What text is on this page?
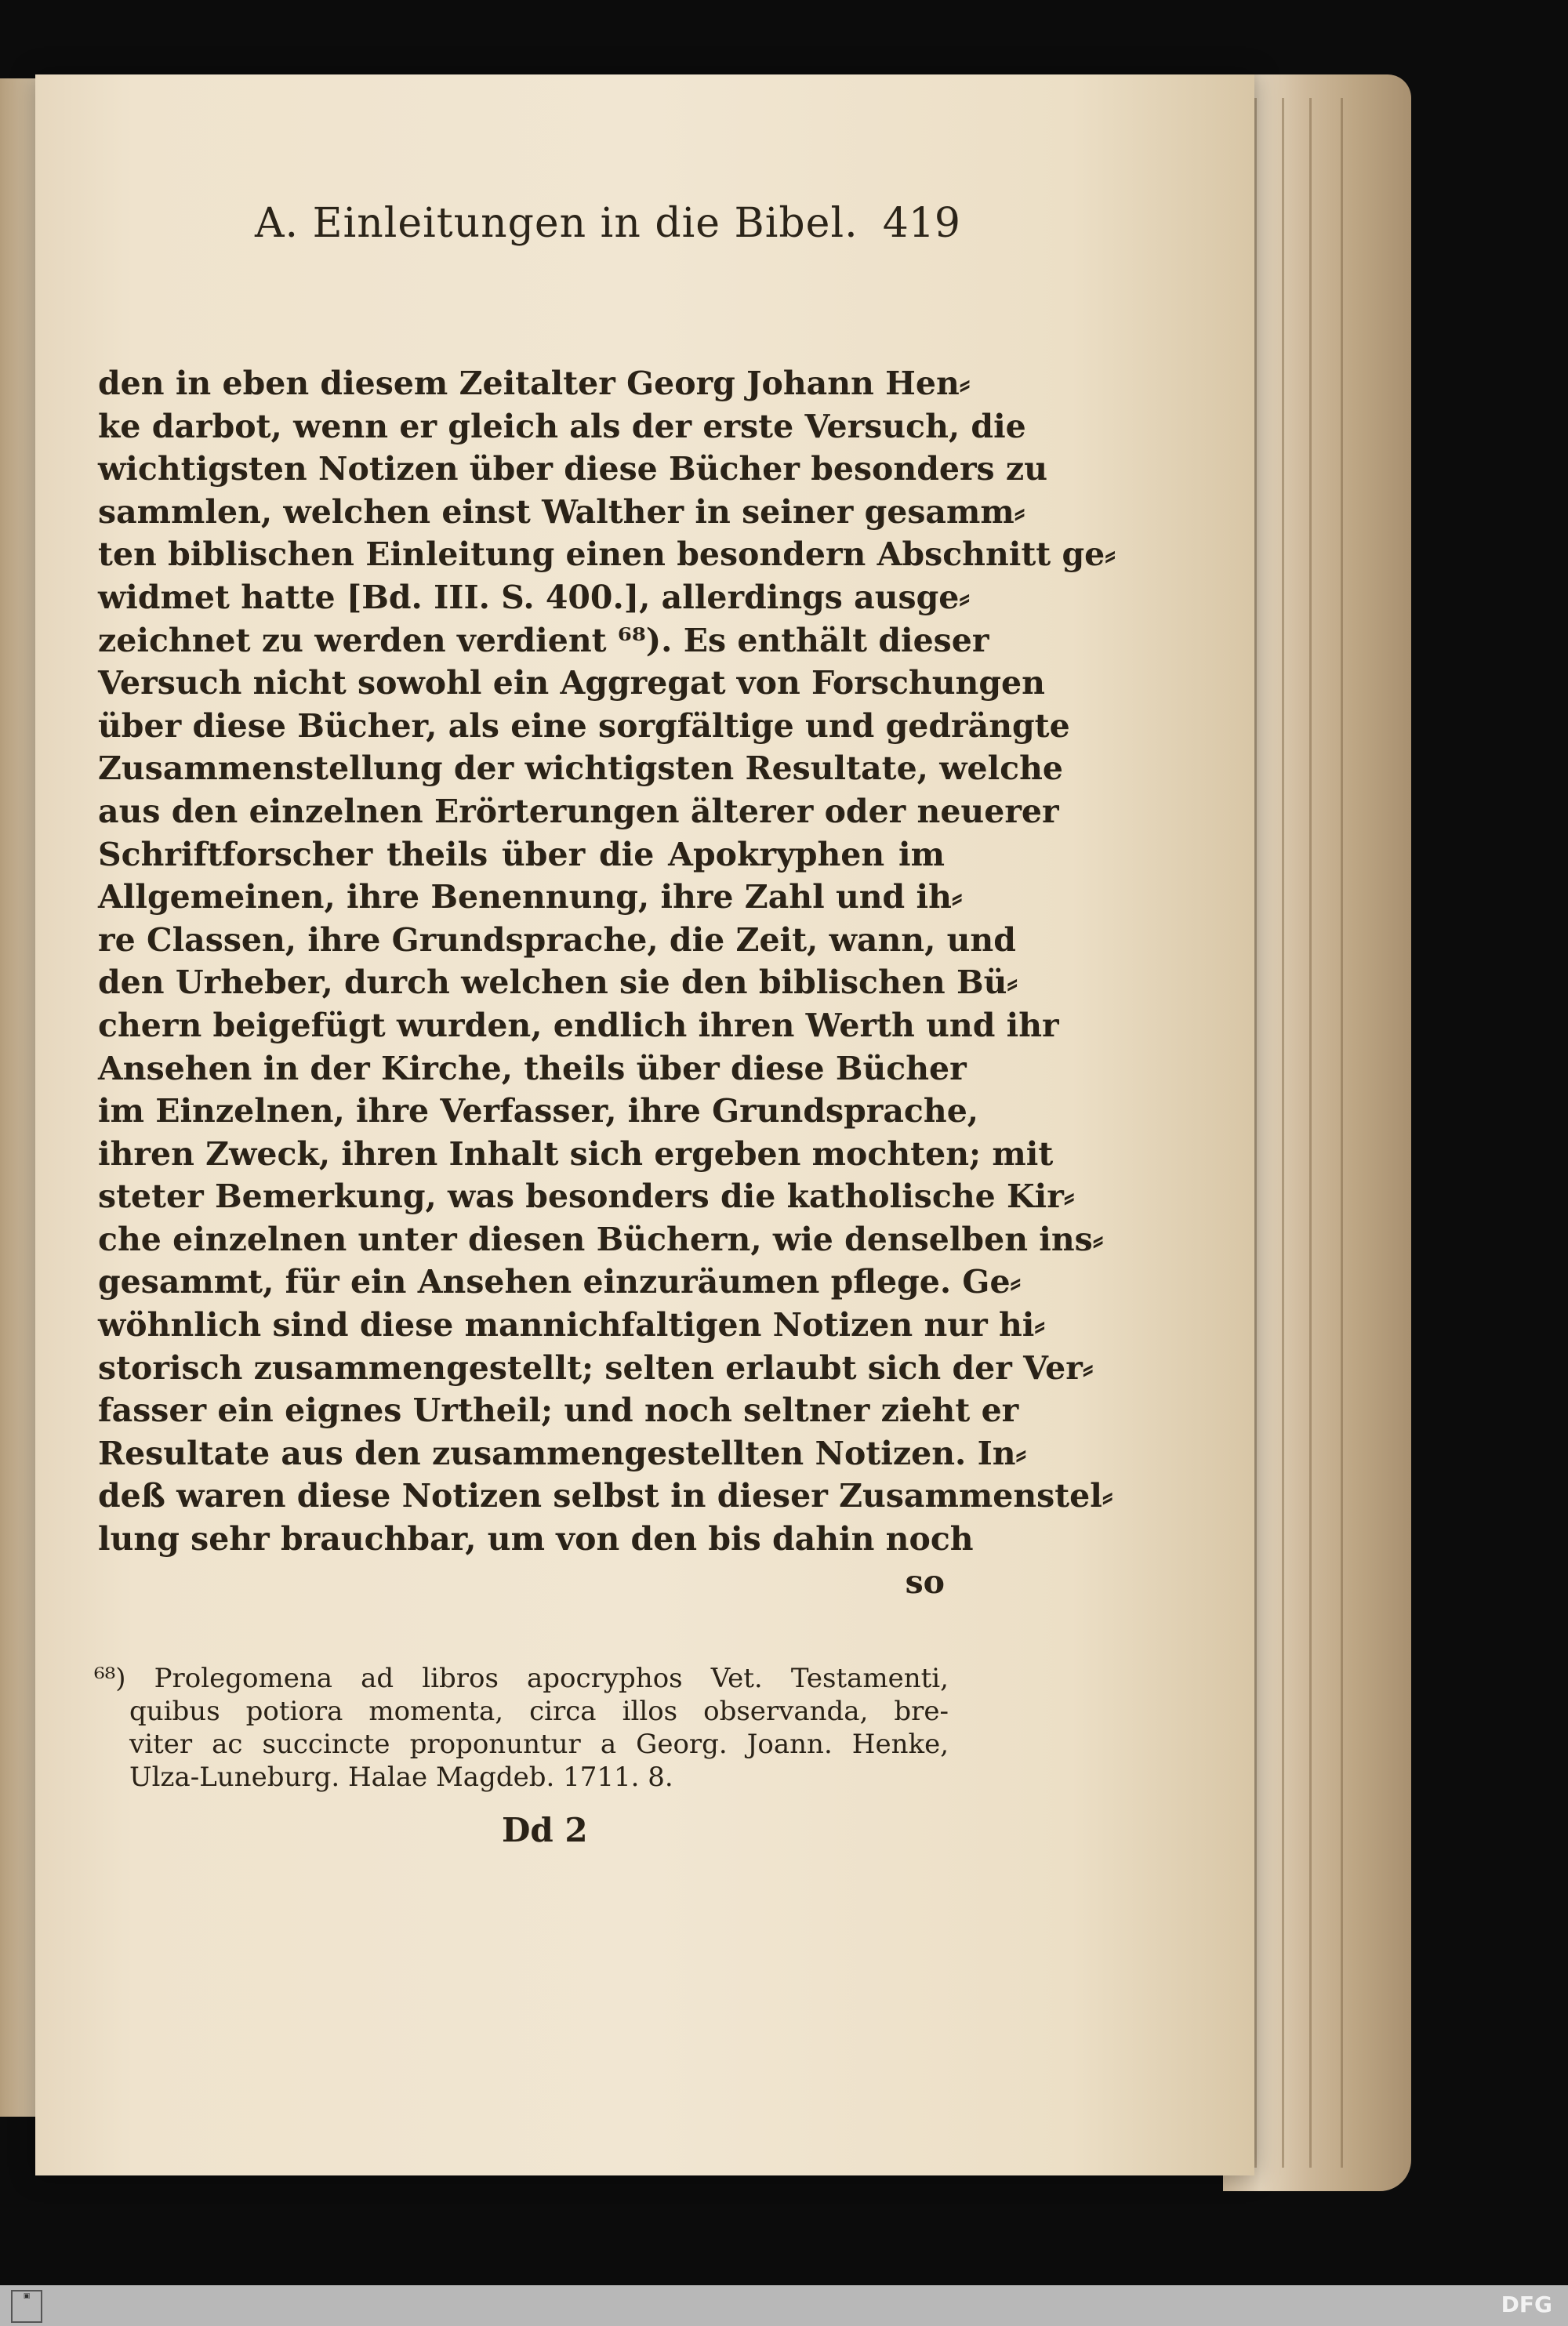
A. Einleitungen in die Bibel. 419
den in eben diesem Zeitalter Georg Johann Hen⸗
ke darbot, wenn er gleich als der erste Versuch, die
wichtigsten Notizen über diese Bücher besonders zu
sammlen, welchen einst Walther in seiner gesamm⸗
ten biblischen Einleitung einen besondern Abschnitt ge⸗
widmet hatte [Bd. III. S. 400.], allerdings ausge⸗
zeichnet zu werden verdient ⁶⁸). Es enthält dieser
Versuch nicht sowohl ein Aggregat von Forschungen
über diese Bücher, als eine sorgfältige und gedrängte
Zusammenstellung der wichtigsten Resultate, welche
aus den einzelnen Erörterungen älterer oder neuerer
Schriftforscher theils über die Apokryphen im
Allgemeinen, ihre Benennung, ihre Zahl und ih⸗
re Classen, ihre Grundsprache, die Zeit, wann, und
den Urheber, durch welchen sie den biblischen Bü⸗
chern beigefügt wurden, endlich ihren Werth und ihr
Ansehen in der Kirche, theils über diese Bücher
im Einzelnen, ihre Verfasser, ihre Grundsprache,
ihren Zweck, ihren Inhalt sich ergeben mochten; mit
steter Bemerkung, was besonders die katholische Kir⸗
che einzelnen unter diesen Büchern, wie denselben ins⸗
gesammt, für ein Ansehen einzuräumen pflege. Ge⸗
wöhnlich sind diese mannichfaltigen Notizen nur hi⸗
storisch zusammengestellt; selten erlaubt sich der Ver⸗
fasser ein eignes Urtheil; und noch seltner zieht er
Resultate aus den zusammengestellten Notizen. In⸗
deß waren diese Notizen selbst in dieser Zusammenstel⸗
lung sehr brauchbar, um von den bis dahin noch
so
⁶⁸) Prolegomena ad libros apocryphos Vet. Testamenti,
quibus potiora momenta, circa illos observanda, bre-
viter ac succincte proponuntur a Georg. Joann. Henke,
Ulza-Luneburg. Halae Magdeb. 1711. 8.
Dd 2
▣	DFG
